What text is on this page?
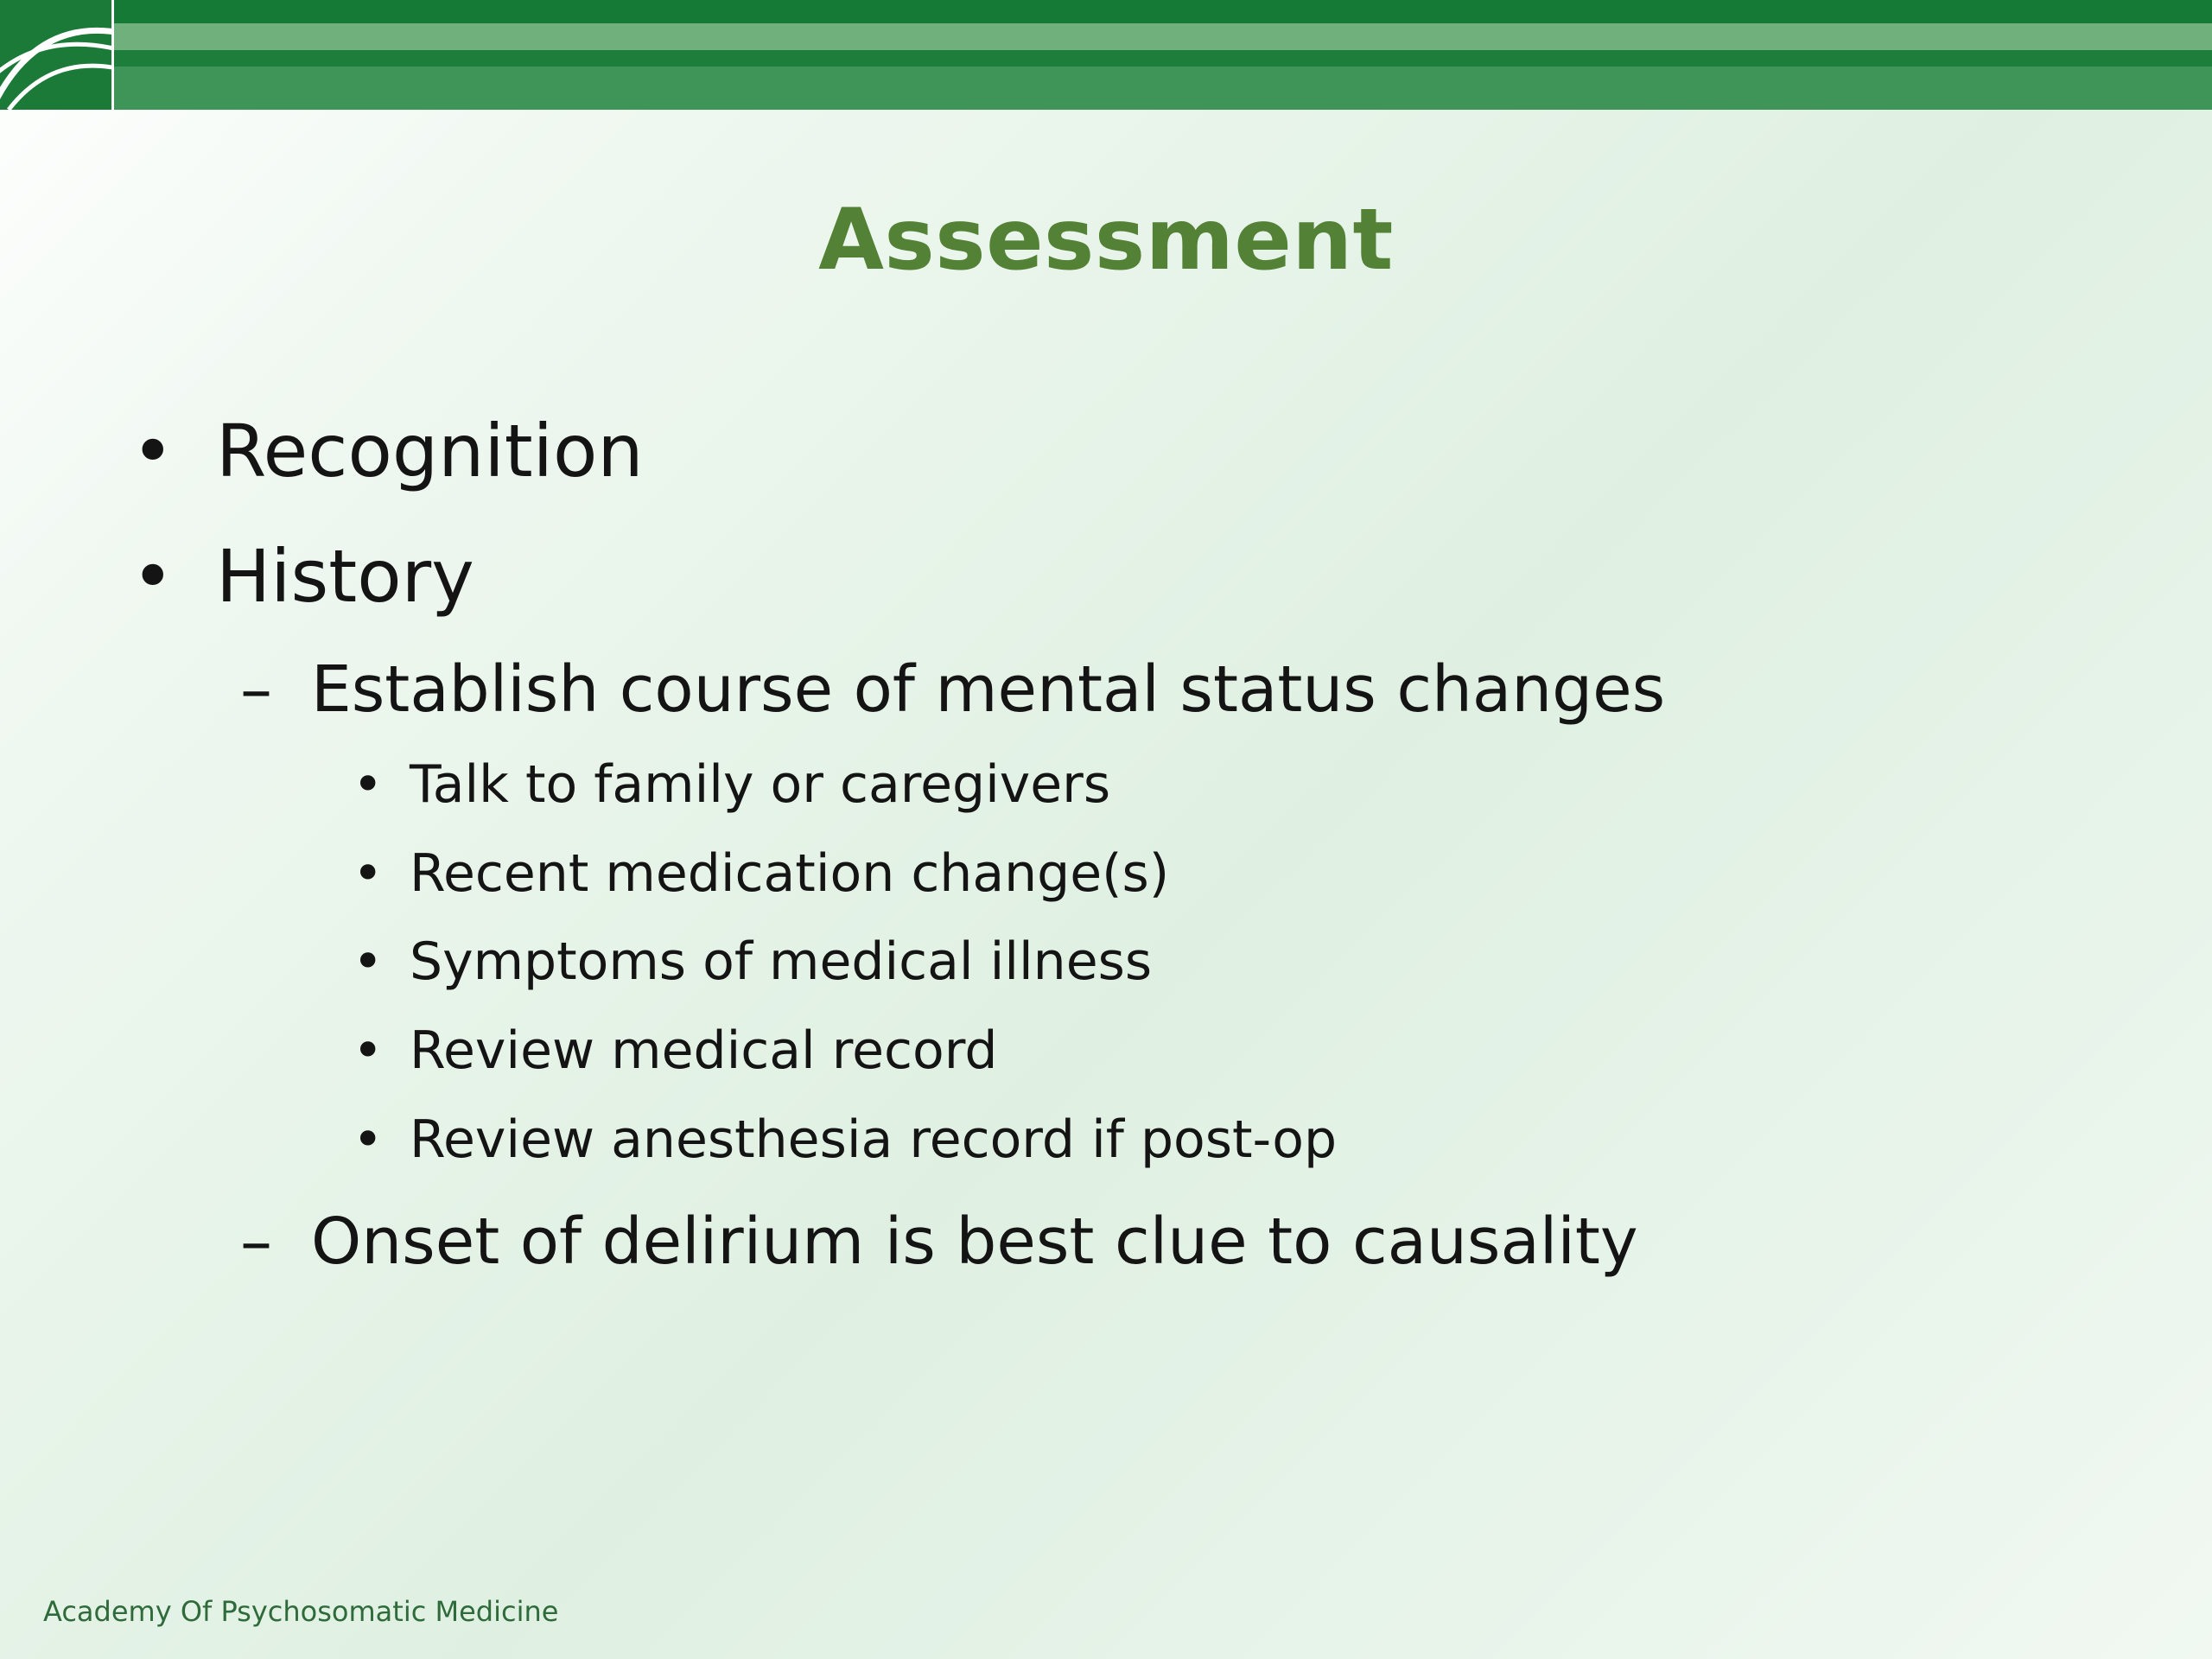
Assessment
• Recognition
• History
– Establish course of mental status changes
• Talk to family or caregivers
• Recent medication change(s)
• Symptoms of medical illness
• Review medical record
• Review anesthesia record if post-op
– Onset of delirium is best clue to causality
Academy Of Psychosomatic Medicine
